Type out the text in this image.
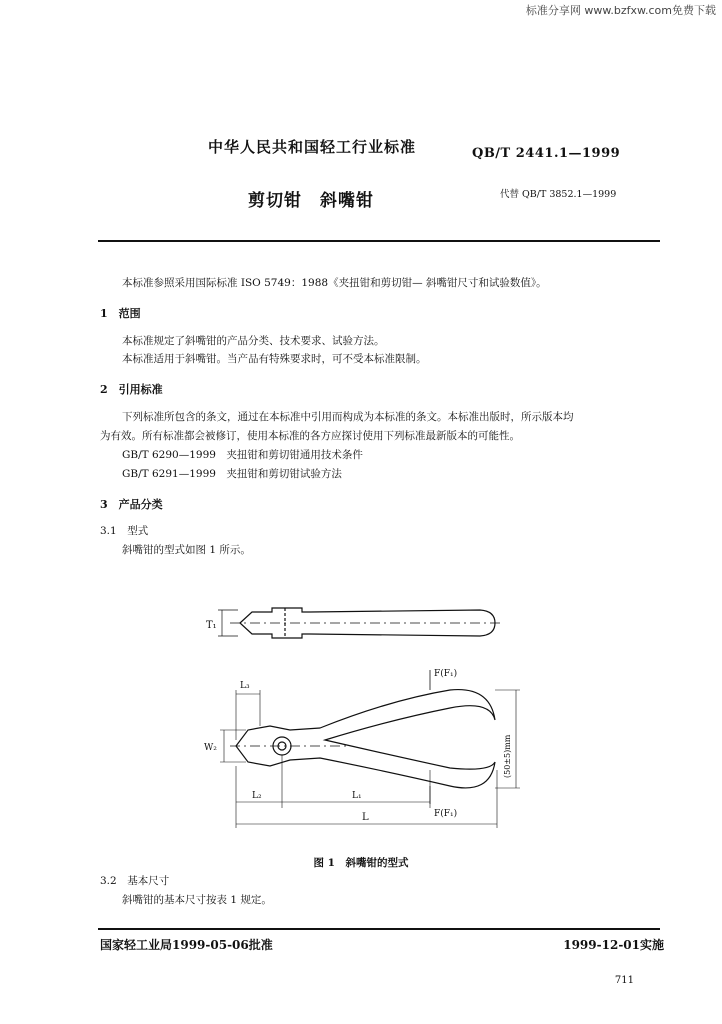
标准分享网 www.bzfxw.com免费下载
中华人民共和国轻工行业标准	QB/T 2441.1—1999
剪切钳　斜嘴钳	代替 QB/T 3852.1—1999
本标准参照采用国际标准 ISO 5749：1988《夹扭钳和剪切钳— 斜嘴钳尺寸和试验数值》。
1　范围
本标准规定了斜嘴钳的产品分类、技术要求、试验方法。
本标准适用于斜嘴钳。当产品有特殊要求时，可不受本标准限制。
2　引用标准
下列标准所包含的条文，通过在本标准中引用而构成为本标准的条文。本标准出版时，所示版本均
为有效。所有标准都会被修订，使用本标准的各方应探讨使用下列标准最新版本的可能性。
GB/T 6290—1999　夹扭钳和剪切钳通用技术条件
GB/T 6291—1999　夹扭钳和剪切钳试验方法
3　产品分类
3.1　型式
斜嘴钳的型式如图 1 所示。
T₁
L₃
W₂
L₂	L₁
L
F(F₁)
F(F₁)
(50±5)mm
图 1　斜嘴钳的型式
3.2　基本尺寸
斜嘴钳的基本尺寸按表 1 规定。
国家轻工业局1999-05-06批准	1999-12-01实施
711
